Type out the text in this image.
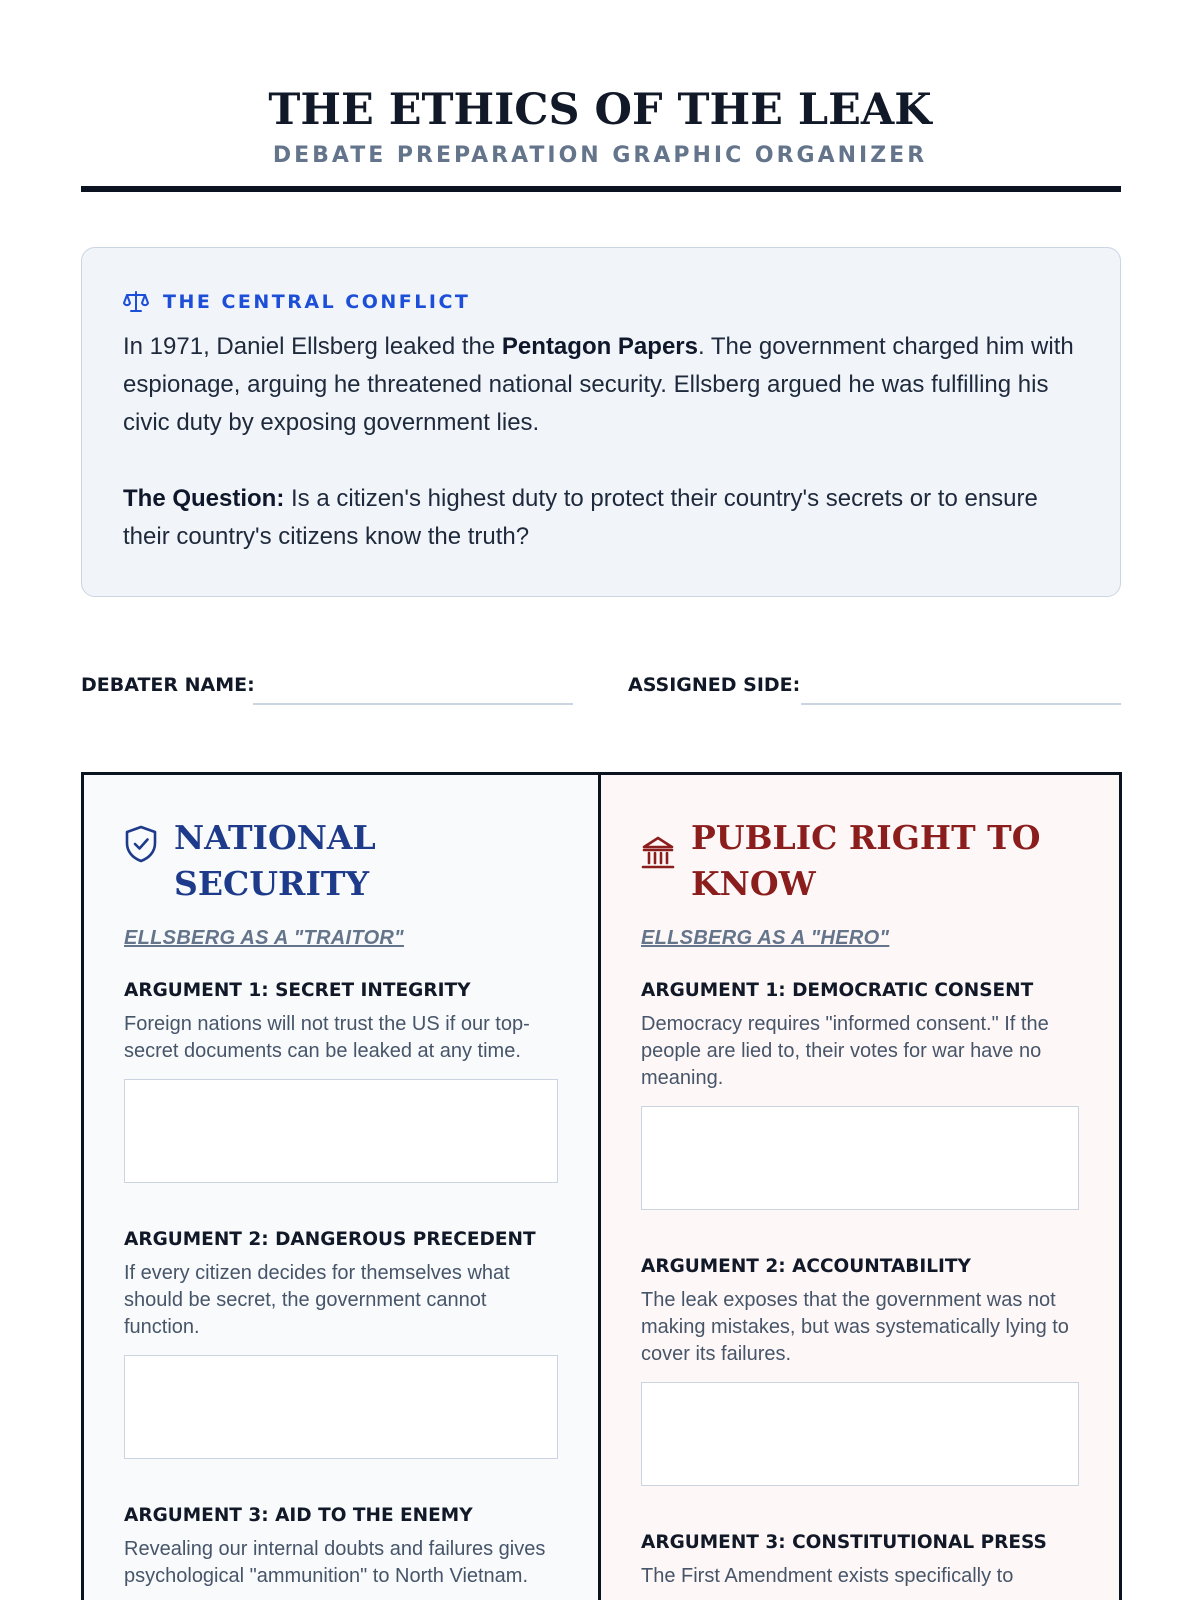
THE ETHICS OF THE LEAK
DEBATE PREPARATION GRAPHIC ORGANIZER
THE CENTRAL CONFLICT

In 1971, Daniel Ellsberg leaked the Pentagon Papers. The government charged him with espionage, arguing he threatened national security. Ellsberg argued he was fulfilling his civic duty by exposing government lies.

The Question: Is a citizen's highest duty to protect their country's secrets or to ensure their country's citizens know the truth?

DEBATER NAME:	ASSIGNED SIDE:
NATIONAL SECURITY
ELLSBERG AS A "TRAITOR"
ARGUMENT 1: SECRET INTEGRITY
Foreign nations will not trust the US if our top-secret documents can be leaked at any time.
ARGUMENT 2: DANGEROUS PRECEDENT
If every citizen decides for themselves what should be secret, the government cannot function.
ARGUMENT 3: AID TO THE ENEMY
Revealing our internal doubts and failures gives psychological "ammunition" to North Vietnam.
PUBLIC RIGHT TO KNOW
ELLSBERG AS A "HERO"
ARGUMENT 1: DEMOCRATIC CONSENT
Democracy requires "informed consent." If the people are lied to, their votes for war have no meaning.
ARGUMENT 2: ACCOUNTABILITY
The leak exposes that the government was not making mistakes, but was systematically lying to cover its failures.
ARGUMENT 3: CONSTITUTIONAL PRESS
The First Amendment exists specifically to
